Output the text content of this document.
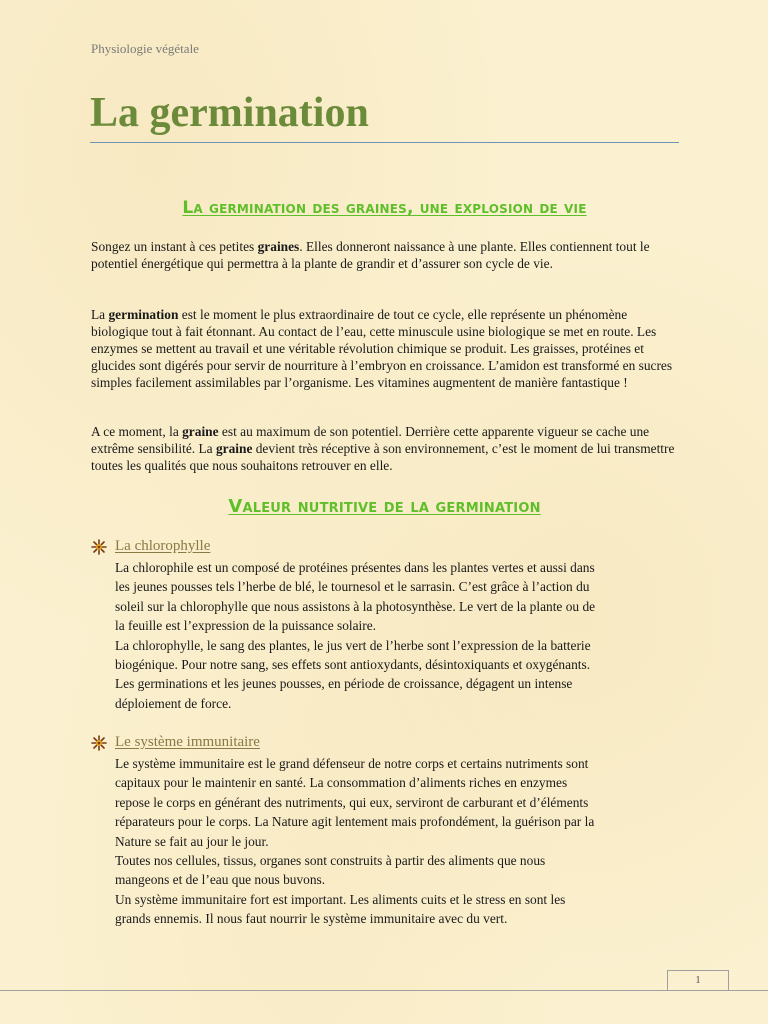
Physiologie végétale
La germination
La germination des graines, une explosion de vie

Songez un instant à ces petites graines. Elles donneront naissance à une plante. Elles contiennent tout le potentiel énergétique qui permettra à la plante de grandir et d’assurer son cycle de vie.

La germination est le moment le plus extraordinaire de tout ce cycle, elle représente un phénomène biologique tout à fait étonnant. Au contact de l’eau, cette minuscule usine biologique se met en route. Les enzymes se mettent au travail et une véritable révolution chimique se produit. Les graisses, protéines et glucides sont digérés pour servir de nourriture à l’embryon en croissance. L’amidon est transformé en sucres simples facilement assimilables par l’organisme. Les vitamines augmentent de manière fantastique !

A ce moment, la graine est au maximum de son potentiel. Derrière cette apparente vigueur se cache une extrême sensibilité. La graine devient très réceptive à son environnement, c’est le moment de lui transmettre toutes les qualités que nous souhaitons retrouver en elle.

Valeur nutritive de la germination
La chlorophylle
La chlorophile est un composé de protéines présentes dans les plantes vertes et aussi dans
les jeunes pousses tels l’herbe de blé, le tournesol et le sarrasin. C’est grâce à l’action du
soleil sur la chlorophylle que nous assistons à la photosynthèse. Le vert de la plante ou de
la feuille est l’expression de la puissance solaire.
La chlorophylle, le sang des plantes, le jus vert de l’herbe sont l’expression de la batterie
biogénique. Pour notre sang, ses effets sont antioxydants, désintoxiquants et oxygénants.
Les germinations et les jeunes pousses, en période de croissance, dégagent un intense
déploiement de force.
Le système immunitaire
Le système immunitaire est le grand défenseur de notre corps et certains nutriments sont
capitaux pour le maintenir en santé. La consommation d’aliments riches en enzymes
repose le corps en générant des nutriments, qui eux, serviront de carburant et d’éléments
réparateurs pour le corps. La Nature agit lentement mais profondément, la guérison par la
Nature se fait au jour le jour.
Toutes nos cellules, tissus, organes sont construits à partir des aliments que nous
mangeons et de l’eau que nous buvons.
Un système immunitaire fort est important. Les aliments cuits et le stress en sont les
grands ennemis. Il nous faut nourrir le système immunitaire avec du vert.
1
